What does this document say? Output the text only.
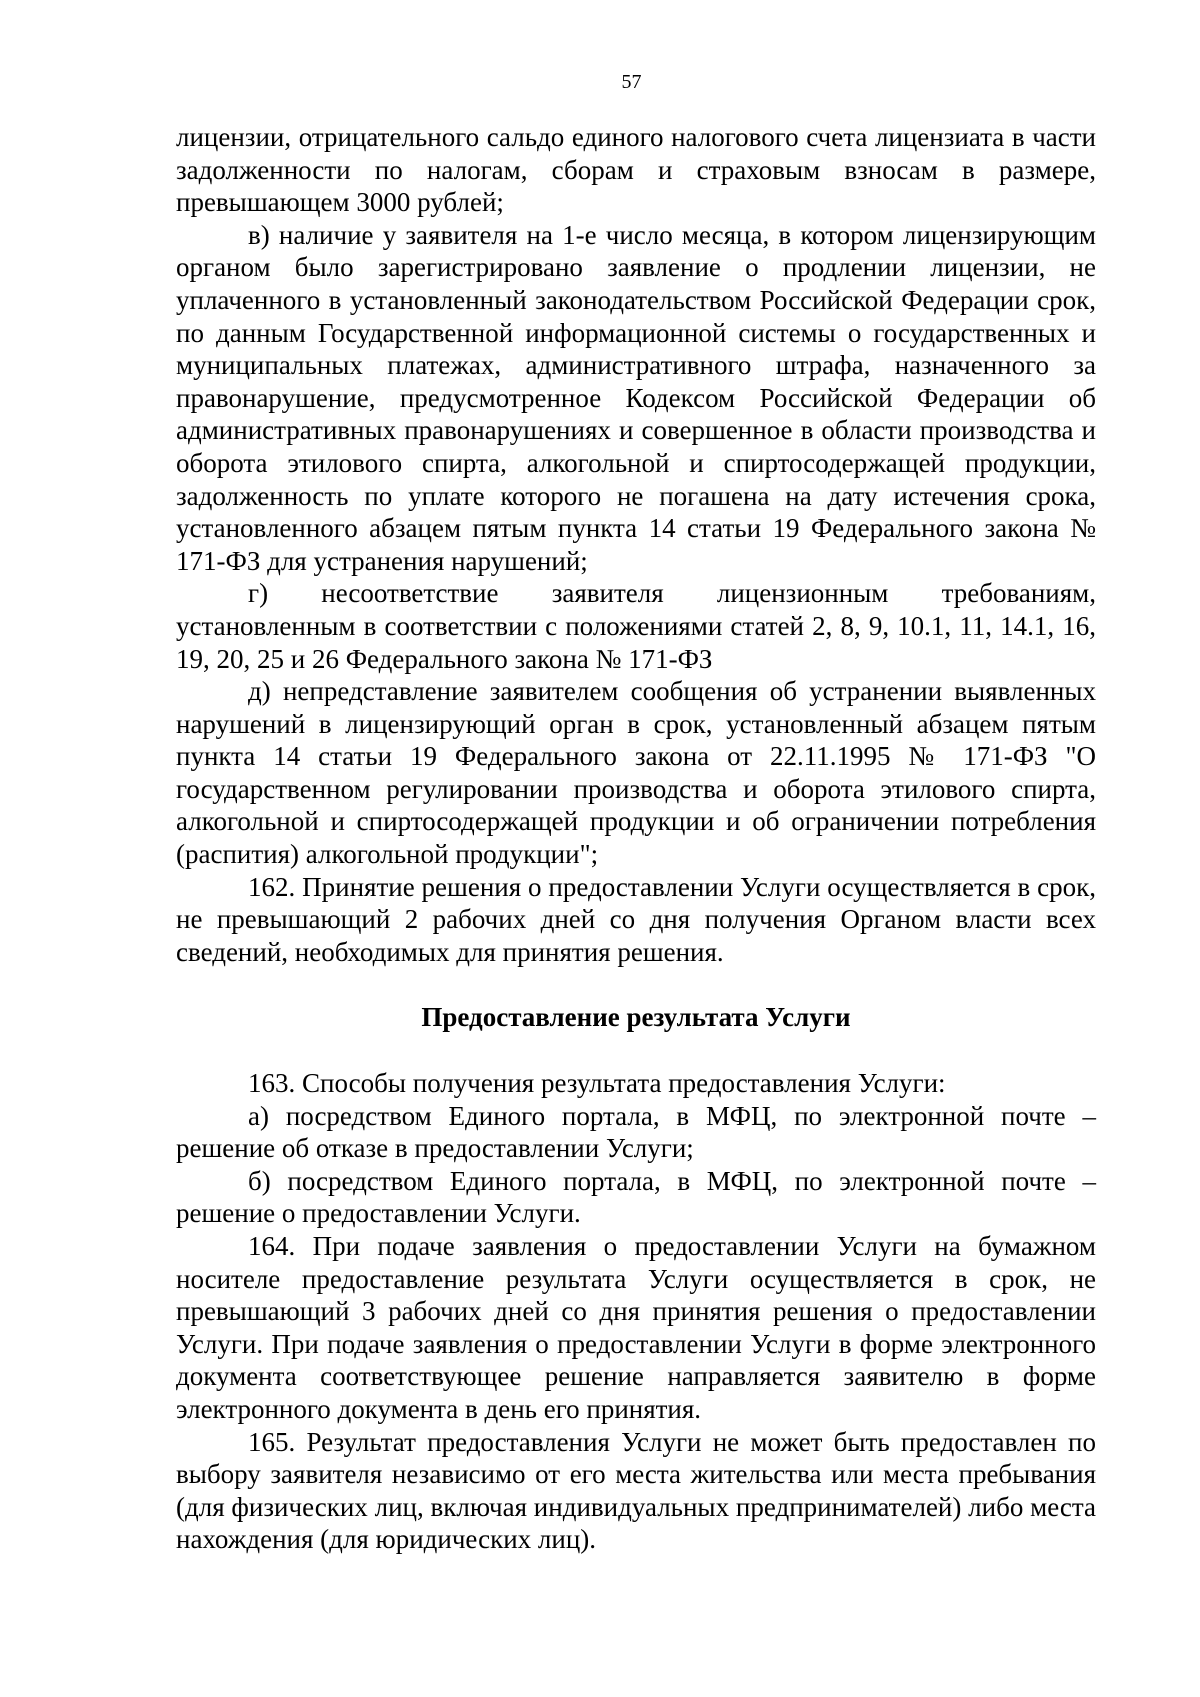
57

лицензии, отрицательного сальдо единого налогового счета лицензиата в части задолженности по налогам, сборам и страховым взносам в размере, превышающем 3000 рублей;

в) наличие у заявителя на 1-е число месяца, в котором лицензирующим органом было зарегистрировано заявление о продлении лицензии, не уплаченного в установленный законодательством Российской Федерации срок, по данным Государственной информационной системы о государственных и муниципальных платежах, административного штрафа, назначенного за правонарушение, предусмотренное Кодексом Российской Федерации об административных правонарушениях и совершенное в области производства и оборота этилового спирта, алкогольной и спиртосодержащей продукции, задолженность по уплате которого не погашена на дату истечения срока, установленного абзацем пятым пункта 14 статьи 19 Федерального закона № 171-ФЗ для устранения нарушений;

г) несоответствие заявителя лицензионным требованиям, установленным в соответствии с положениями статей 2, 8, 9, 10.1, 11, 14.1, 16, 19, 20, 25 и 26 Федерального закона № 171-ФЗ

д) непредставление заявителем сообщения об устранении выявленных нарушений в лицензирующий орган в срок, установленный абзацем пятым пункта 14 статьи 19 Федерального закона от 22.11.1995 № 171-ФЗ "О государственном регулировании производства и оборота этилового спирта, алкогольной и спиртосодержащей продукции и об ограничении потребления (распития) алкогольной продукции";

162. Принятие решения о предоставлении Услуги осуществляется в срок, не превышающий 2 рабочих дней со дня получения Органом власти всех сведений, необходимых для принятия решения.

Предоставление результата Услуги

163. Способы получения результата предоставления Услуги:

а) посредством Единого портала, в МФЦ, по электронной почте – решение об отказе в предоставлении Услуги;

б) посредством Единого портала, в МФЦ, по электронной почте – решение о предоставлении Услуги.

164. При подаче заявления о предоставлении Услуги на бумажном носителе предоставление результата Услуги осуществляется в срок, не превышающий 3 рабочих дней со дня принятия решения о предоставлении Услуги. При подаче заявления о предоставлении Услуги в форме электронного документа соответствующее решение направляется заявителю в форме электронного документа в день его принятия.

165. Результат предоставления Услуги не может быть предоставлен по выбору заявителя независимо от его места жительства или места пребывания (для физических лиц, включая индивидуальных предпринимателей) либо места нахождения (для юридических лиц).
